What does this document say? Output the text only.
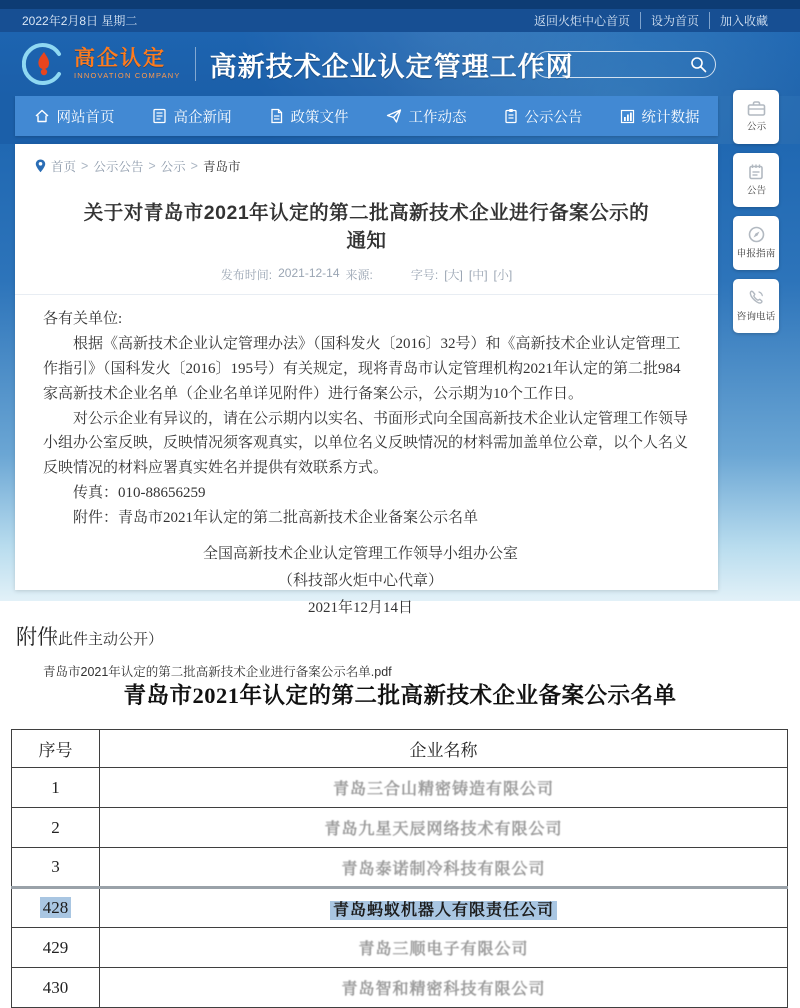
2022年2月8日 星期二	返回火炬中心首页	设为首页	加入收藏
高企认定
INNOVATION COMPANY 高新技术企业认定管理工作网
网站首页	高企新闻	政策文件	工作动态	公示公告	统计数据
公示
公告
申报指南
咨询电话
首页 > 公示公告 > 公示 > 青岛市
关于对青岛市2021年认定的第二批高新技术企业进行备案公示的通知
发布时间: 2021-12-14 来源:	字号: [大] [中] [小]

各有关单位:

根据《高新技术企业认定管理办法》（国科发火〔2016〕32号）和《高新技术企业认定管理工作指引》（国科发火〔2016〕195号）有关规定，现将青岛市认定管理机构2021年认定的第二批984家高新技术企业名单（企业名单详见附件）进行备案公示，公示期为10个工作日。

对公示企业有异议的，请在公示期内以实名、书面形式向全国高新技术企业认定管理工作领导小组办公室反映，反映情况须客观真实，以单位名义反映情况的材料需加盖单位公章，以个人名义反映情况的材料应署真实姓名并提供有效联系方式。

传真：010-88656259

附件：青岛市2021年认定的第二批高新技术企业备案公示名单

全国高新技术企业认定管理工作领导小组办公室
（科技部火炬中心代章）
2021年12月14日

（此件主动公开）

青岛市2021年认定的第二批高新技术企业进行备案公示名单.pdf
附件
青岛市2021年认定的第二批高新技术企业备案公示名单
序号	企业名称
1	青岛三合山精密铸造有限公司
2	青岛九星天辰网络技术有限公司
3	青岛泰诺制冷科技有限公司
428	青岛蚂蚁机器人有限责任公司
429	青岛三顺电子有限公司
430	青岛智和精密科技有限公司
